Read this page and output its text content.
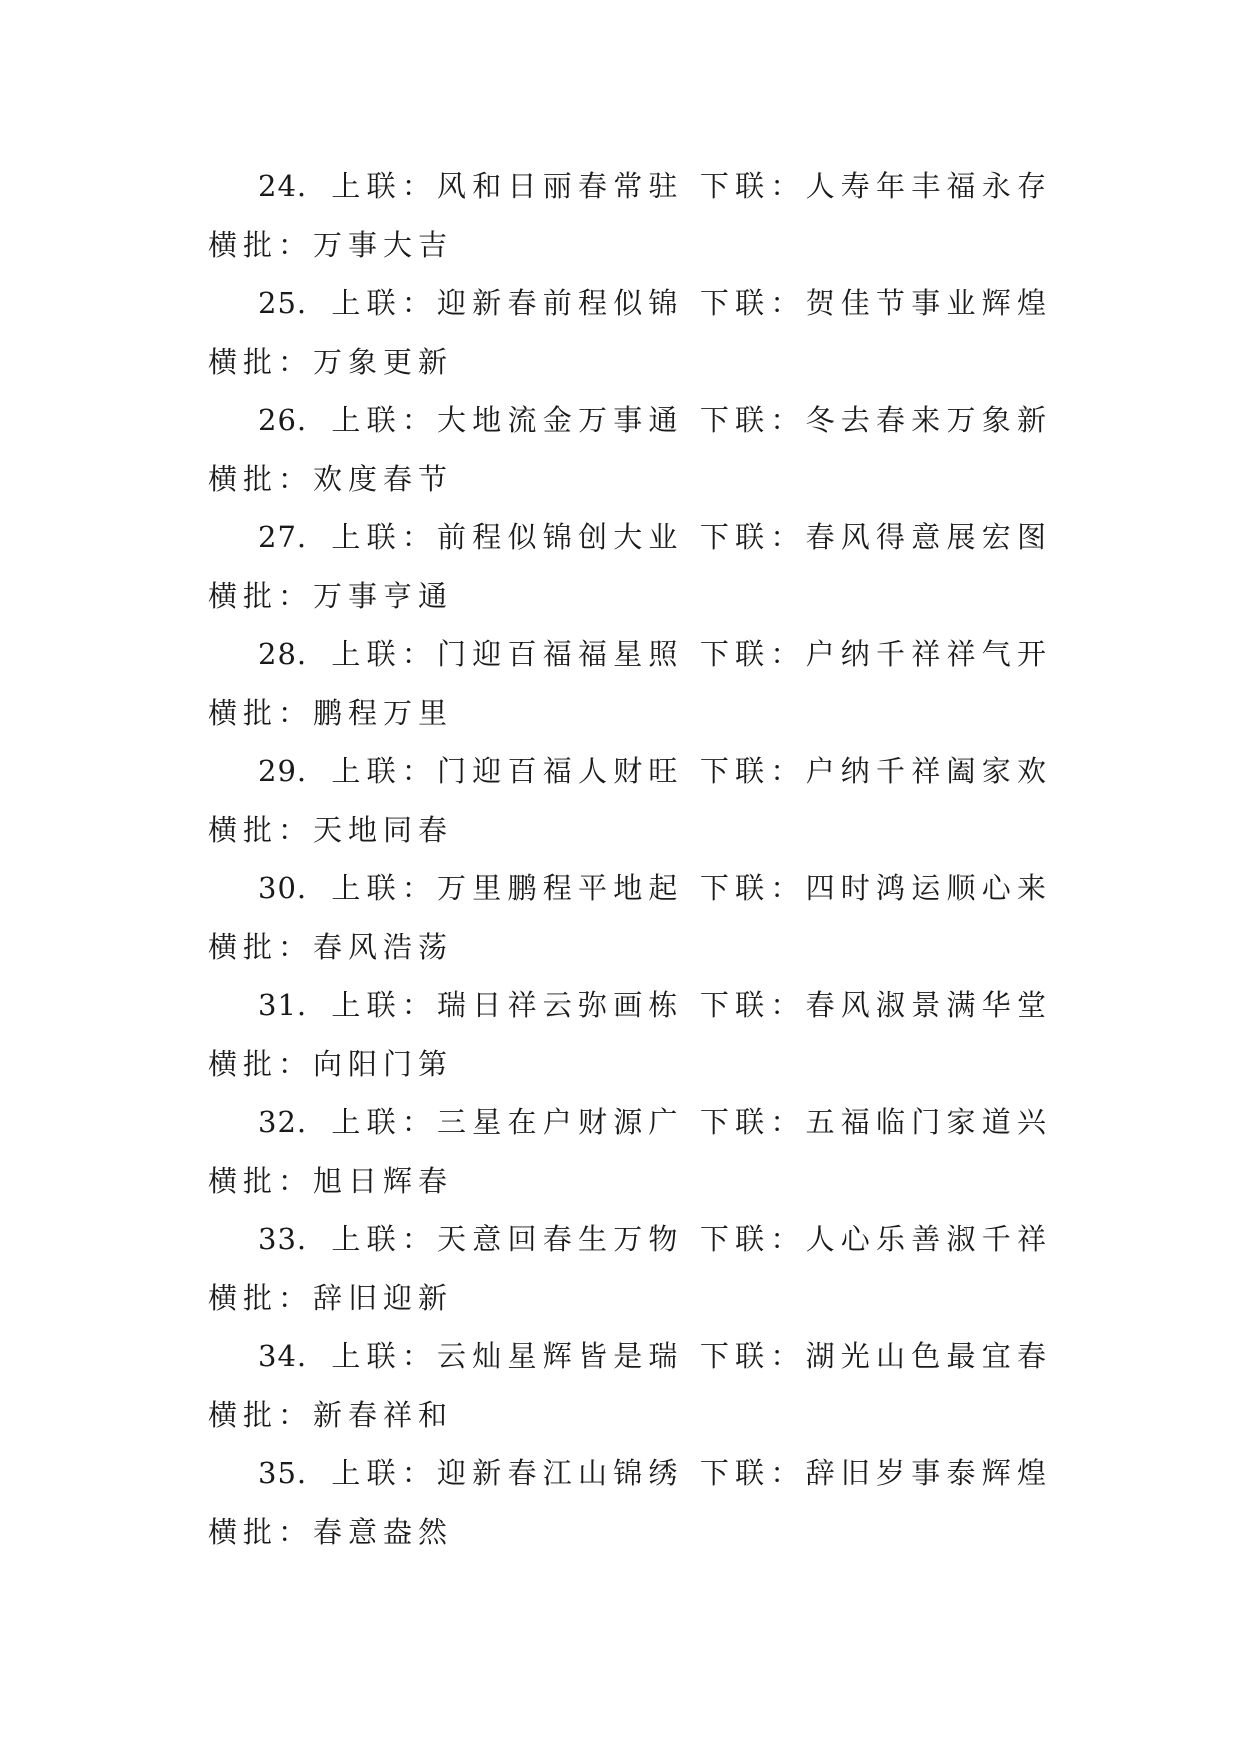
24. 上联：风和日丽春常驻 下联：人寿年丰福永存横批：万事大吉

25. 上联：迎新春前程似锦 下联：贺佳节事业辉煌横批：万象更新

26. 上联：大地流金万事通 下联：冬去春来万象新横批：欢度春节

27. 上联：前程似锦创大业 下联：春风得意展宏图横批：万事亨通

28. 上联：门迎百福福星照 下联：户纳千祥祥气开横批：鹏程万里

29. 上联：门迎百福人财旺 下联：户纳千祥阖家欢横批：天地同春

30. 上联：万里鹏程平地起 下联：四时鸿运顺心来横批：春风浩荡

31. 上联：瑞日祥云弥画栋 下联：春风淑景满华堂横批：向阳门第

32. 上联：三星在户财源广 下联：五福临门家道兴横批：旭日辉春

33. 上联：天意回春生万物 下联：人心乐善淑千祥横批：辞旧迎新

34. 上联：云灿星辉皆是瑞 下联：湖光山色最宜春横批：新春祥和

35. 上联：迎新春江山锦绣 下联：辞旧岁事泰辉煌横批：春意盎然
